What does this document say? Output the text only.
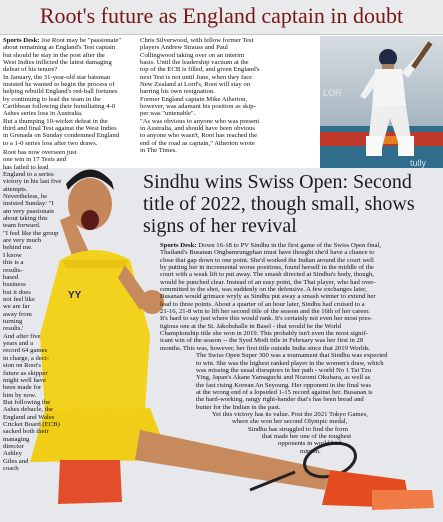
Root's future as England captain in doubt
Sports Desk: Joe Root may be "passionate"
about remaining as England's Test captain
but should he stay in the post after the
West Indies inflicted the latest damaging
defeat of his tenure?
In January, the 31-year-old star batsman
insisted he wanted to begin the process of
helping rebuild England's red-ball fortunes
by continuing to lead the team in the
Caribbean following their humiliating 4-0
Ashes series loss in Australia.
But a thumping 10-wicket defeat in the
third and final Test against the West Indies
in Grenada on Sunday condemned England
to a 1-0 series loss after two draws.
Chris Silverwood, with fellow former Test
players Andrew Strauss and Paul
Collingwood taking over on an interim
basis. Until the leadership vacuum at the
top of the ECB is filled, and given England's
next Test is not until June, when they face
New Zealand at Lord's, Root will stay on
barring his own resignation.
Former England captain Mike Atherton,
however, was adamant his position as skip-
per was "untenable".
"As was obvious to anyone who was present
in Australia, and should have been obvious
to anyone who wasn't, Root has reached the
end of the road as captain," Atherton wrote
in The Times.
LOR
tully
YY
Root has now overseen just
one win in 17 Tests and
has failed to lead
England to a series
victory in his last five
attempts.
Nevertheless, he
insisted Sunday: "I
am very passionate
about taking this
team forward.
"I feel like the group
are very much
behind me.
I know
this is a
results-
based
business
but it does
not feel like
we are far
away from
turning
results.'
And after five
years and a
record 64 games
in charge, a deci-
sion on Root's
future as skipper
might well have
been made for
him by now.
But following the
Ashes debacle, the
England and Wales
Cricket Board (ECB)
sacked both their
managing
director
Ashley
Giles and
coach
Sindhu wins Swiss Open: Second
title of 2022, though small, shows
signs of her revival
Sports Desk: Down 16-18 to PV Sindhu in the first game of the Swiss Open final,
Thailand's Busanan Ongbamrungphan must have thought she'd have a chance to
close that gap down to one point. She'd worked the Indian around the court well
by putting her in incremental worse positions, found herself in the middle of the
court with a weak lift to put away. The smash directed at Sindhu's body, though,
would be punched clear. Instead of an easy point, the Thai player, who had over-
committed to the shot, was suddenly on the defensive. A few exchanges later,
Busanan would grimace wryly as Sindhu put away a smash winner to extend her
lead to three points. About a quarter of an hour later, Sindhu had cruised to a
21-16, 21-8 win to lift her second title of the season and the 16th of her career.
It's hard to say just where this would rank. It's certainly not even her most pres-
tigious one at the St. Jakobshalle in Basel - that would be the World
Championship title she won in 2019. This probably isn't even the most signif-
icant win of the season -- the Syed Modi title in February was her first in 28
months. This was, however, her first title outside India since that 2019 Worlds.
The Swiss Open Super 300 was a tournament that Sindhu was expected
to win. She was the highest ranked player in the women's draw, which
was missing the usual disruptors in her path - world No 1 Tai Tzu
Ying, Japan's Akane Yamaguchi and Nozomi Okuhara, as well as
the fast rising Korean An Seyoung. Her opponent in the final was
at the wrong end of a lopsided 1-15 record against her. Busanan is
the hard-working, rangy right-hander that's has been bread and
butter for the Indian in the past.
Yet this victory has its value. Post the 2021 Tokyo Games,
where she won her second Olympic medal,
Sindhu has struggled to find the form
that made her one of the toughest
opponents in world bad-
minton.
